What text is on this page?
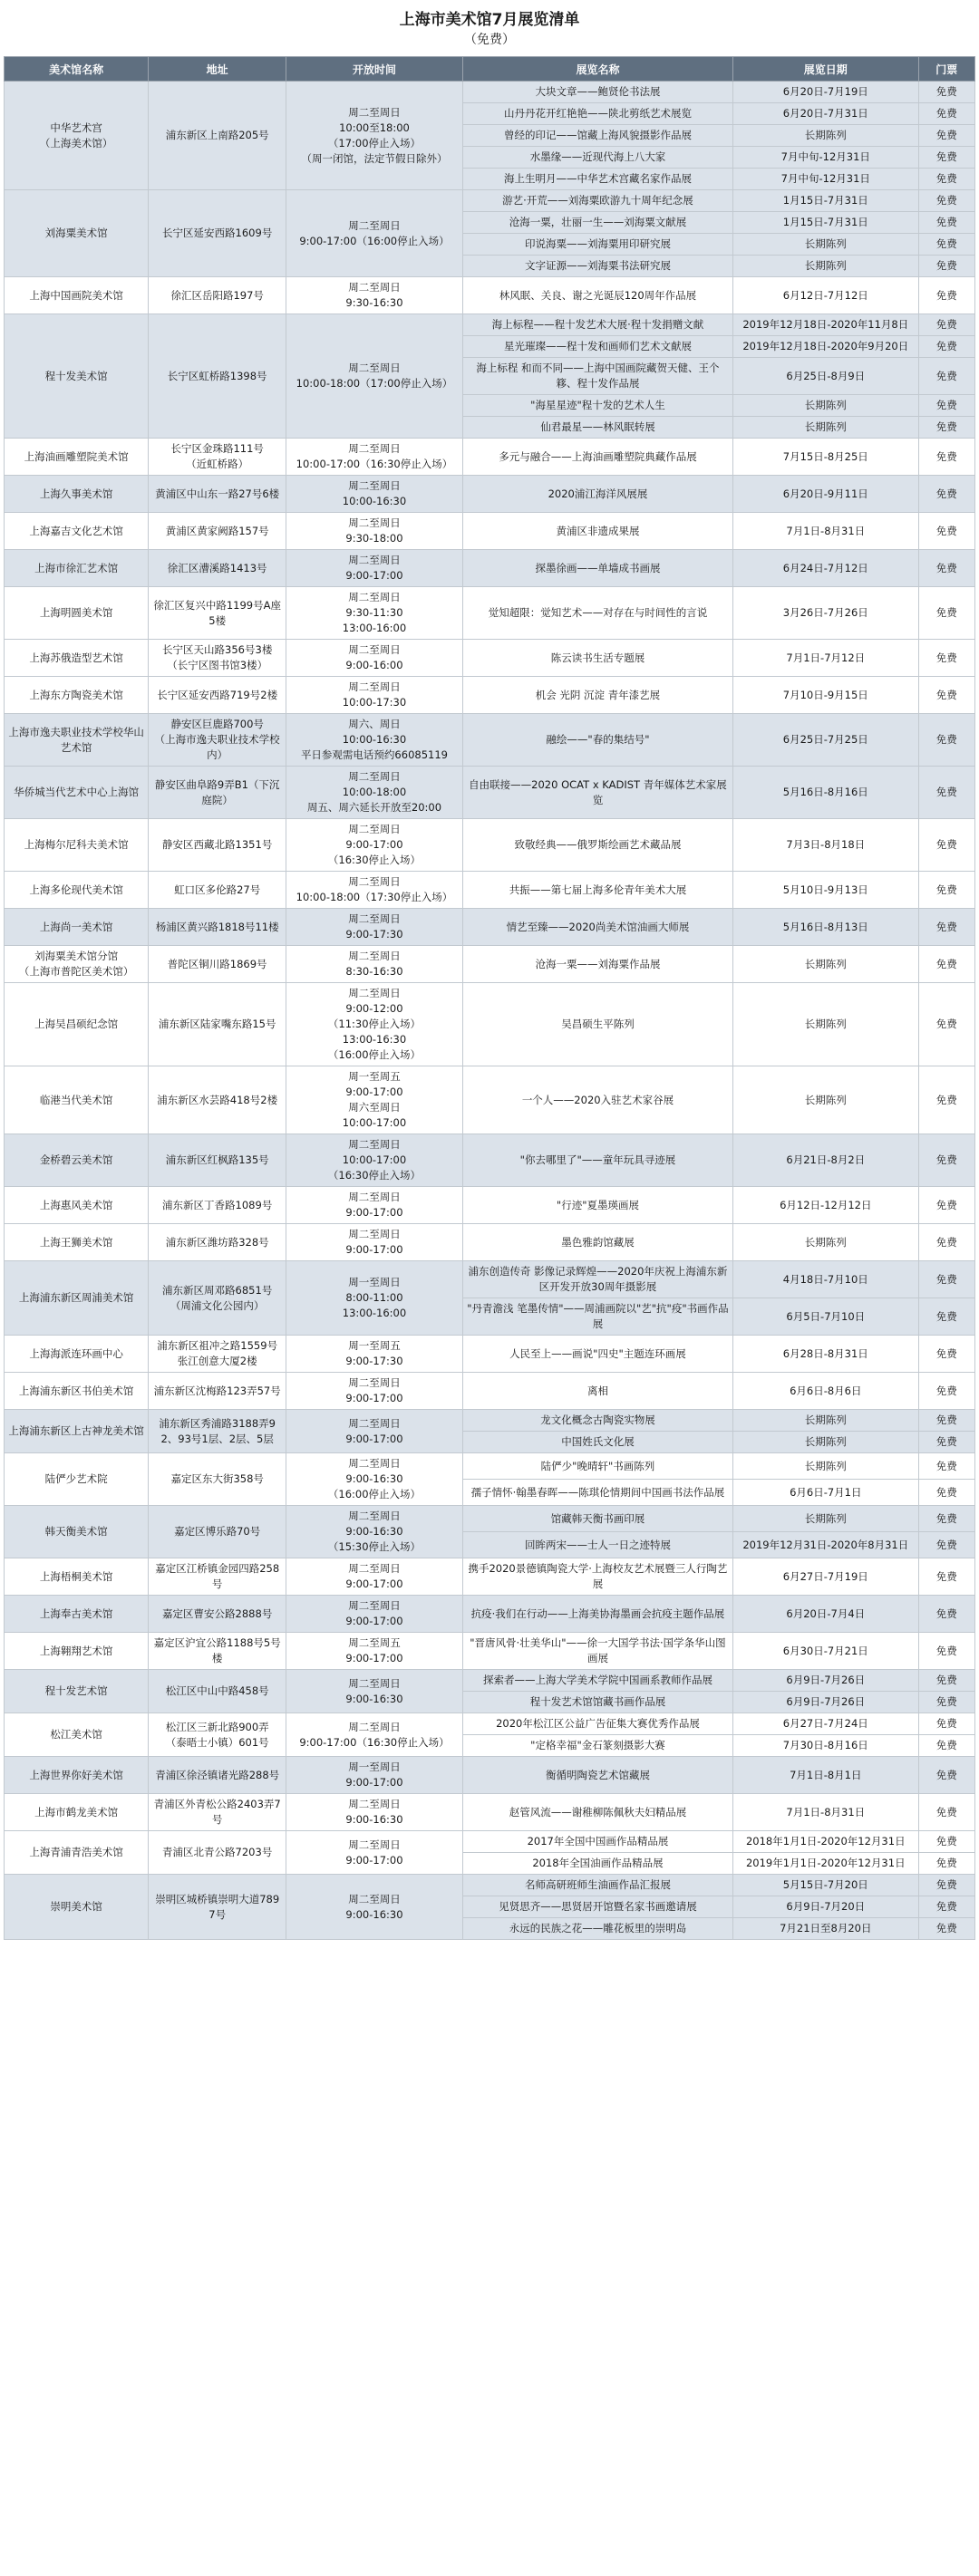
上海市美术馆7月展览清单

（免费）

美术馆名称	地址	开放时间	展览名称	展览日期	门票
中华艺术宫
（上海美术馆）	浦东新区上南路205号	周二至周日
10:00至18:00
（17:00停止入场）
（周一闭馆，法定节假日除外）	大块文章——鲍贤伦书法展	6月20日-7月19日	免费
			山丹丹花开红艳艳——陕北剪纸艺术展览	6月20日-7月31日	免费
			曾经的印记——馆藏上海风貌摄影作品展	长期陈列	免费
			水墨缘——近现代海上八大家	7月中旬-12月31日	免费
			海上生明月——中华艺术宫藏名家作品展	7月中旬-12月31日	免费
刘海粟美术馆	长宁区延安西路1609号	周二至周日
9:00-17:00（16:00停止入场）	游艺·开荒——刘海粟欧游九十周年纪念展	1月15日-7月31日	免费
			沧海一粟，壮丽一生——刘海粟文献展	1月15日-7月31日	免费
			印说海粟——刘海粟用印研究展	长期陈列	免费
			文字证源——刘海粟书法研究展	长期陈列	免费
上海中国画院美术馆	徐汇区岳阳路197号	周二至周日
9:30-16:30	林风眠、关良、谢之光诞辰120周年作品展	6月12日-7月12日	免费
程十发美术馆	长宁区虹桥路1398号	周二至周日
10:00-18:00（17:00停止入场）	海上标程——程十发艺术大展·程十发捐赠文献	2019年12月18日-2020年11月8日	免费
			星光璀璨——程十发和画师们艺术文献展	2019年12月18日-2020年9月20日	免费
			海上标程 和而不同——上海中国画院藏贺天健、王个簃、程十发作品展	6月25日-8月9日	免费
			"海星星迹"程十发的艺术人生	长期陈列	免费
			仙君最星——林风眠转展	长期陈列	免费
上海油画雕塑院美术馆	长宁区金珠路111号
（近虹桥路）	周二至周日
10:00-17:00（16:30停止入场）	多元与融合——上海油画雕塑院典藏作品展	7月15日-8月25日	免费
上海久事美术馆	黄浦区中山东一路27号6楼	周二至周日
10:00-16:30	2020浦江海洋风展展	6月20日-9月11日	免费
上海嘉吉文化艺术馆	黄浦区黄家阙路157号	周二至周日
9:30-18:00	黄浦区非遗成果展	7月1日-8月31日	免费
上海市徐汇艺术馆	徐汇区漕溪路1413号	周二至周日
9:00-17:00	探墨徐画——单墙成书画展	6月24日-7月12日	免费
上海明圆美术馆	徐汇区复兴中路1199号A座5楼	周二至周日
9:30-11:30
13:00-16:00	觉知超限：觉知艺术——对存在与时间性的言说	3月26日-7月26日	免费
上海苏俄造型艺术馆	长宁区天山路356号3楼
（长宁区图书馆3楼）	周二至周日
9:00-16:00	陈云读书生活专题展	7月1日-7月12日	免费
上海东方陶瓷美术馆	长宁区延安西路719号2楼	周二至周日
10:00-17:30	机会 光阴 沉淀 青年漆艺展	7月10日-9月15日	免费
上海市逸夫职业技术学校华山艺术馆	静安区巨鹿路700号
（上海市逸夫职业技术学校内）	周六、周日
10:00-16:30
平日参观需电话预约66085119	融绘——"春的集结号"	6月25日-7月25日	免费
华侨城当代艺术中心上海馆	静安区曲阜路9弄B1（下沉庭院）	周二至周日
10:00-18:00
周五、周六延长开放至20:00	自由联接——2020 OCAT x KADIST 青年媒体艺术家展览	5月16日-8月16日	免费
上海梅尔尼科夫美术馆	静安区西藏北路1351号	周二至周日
9:00-17:00
（16:30停止入场）	致敬经典——俄罗斯绘画艺术藏品展	7月3日-8月18日	免费
上海多伦现代美术馆	虹口区多伦路27号	周二至周日
10:00-18:00（17:30停止入场）	共振——第七届上海多伦青年美术大展	5月10日-9月13日	免费
上海尚一美术馆	杨浦区黄兴路1818号11楼	周二至周日
9:00-17:30	情艺至臻——2020尚美术馆油画大师展	5月16日-8月13日	免费
刘海粟美术馆分馆
（上海市普陀区美术馆）	普陀区铜川路1869号	周二至周日
8:30-16:30	沧海一粟——刘海粟作品展	长期陈列	免费
上海吴昌硕纪念馆	浦东新区陆家嘴东路15号	周二至周日
9:00-12:00
（11:30停止入场）
13:00-16:30
（16:00停止入场）	吴昌硕生平陈列	长期陈列	免费
临港当代美术馆	浦东新区水芸路418号2楼	周一至周五
9:00-17:00
周六至周日
10:00-17:00	一个人——2020入驻艺术家谷展	长期陈列	免费
金桥碧云美术馆	浦东新区红枫路135号	周二至周日
10:00-17:00
（16:30停止入场）	"你去哪里了"——童年玩具寻迹展	6月21日-8月2日	免费
上海惠风美术馆	浦东新区丁香路1089号	周二至周日
9:00-17:00	"行迹"夏墨瑛画展	6月12日-12月12日	免费
上海王狮美术馆	浦东新区潍坊路328号	周二至周日
9:00-17:00	墨色雅韵馆藏展	长期陈列	免费
上海浦东新区周浦美术馆	浦东新区周邓路6851号
（周浦文化公园内）	周一至周日
8:00-11:00
13:00-16:00	浦东创造传奇 影像记录辉煌——2020年庆祝上海浦东新区开发开放30周年摄影展	4月18日-7月10日	免费
			"丹青澹浅 笔墨传情"——周浦画院以"艺"抗"疫"书画作品展	6月5日-7月10日	免费
上海海派连环画中心	浦东新区祖冲之路1559号张江创意大厦2楼	周一至周五
9:00-17:30	人民至上——画说"四史"主题连环画展	6月28日-8月31日	免费
上海浦东新区书伯美术馆	浦东新区沈梅路123弄57号	周二至周日
9:00-17:00	离相	6月6日-8月6日	免费
上海浦东新区上古神龙美术馆	浦东新区秀浦路3188弄92、93号1层、2层、5层	周二至周日
9:00-17:00	龙文化概念古陶瓷实物展	长期陈列	免费
			中国姓氏文化展	长期陈列	免费
陆俨少艺术院	嘉定区东大街358号	周二至周日
9:00-16:30
（16:00停止入场）	陆俨少"晚晴轩"书画陈列	长期陈列	免费
			孺子情怀·翰墨春晖——陈琪伦情期间中国画书法作品展	6月6日-7月1日	免费
韩天衡美术馆	嘉定区博乐路70号	周二至周日
9:00-16:30
（15:30停止入场）	馆藏韩天衡书画印展	长期陈列	免费
			回眸两宋——士人一日之迹特展	2019年12月31日-2020年8月31日	免费
上海梧桐美术馆	嘉定区江桥镇金园四路258号	周二至周日
9:00-17:00	携手2020景德镇陶瓷大学·上海校友艺术展暨三人行陶艺展	6月27日-7月19日	免费
上海奉古美术馆	嘉定区曹安公路2888号	周二至周日
9:00-17:00	抗疫·我们在行动——上海美协海墨画会抗疫主题作品展	6月20日-7月4日	免费
上海翱翔艺术馆	嘉定区沪宜公路1188号5号楼	周二至周五
9:00-17:00	"晋唐风骨·壮美华山"——徐一大国学书法·国学条华山图画展	6月30日-7月21日	免费
程十发艺术馆	松江区中山中路458号	周二至周日
9:00-16:30	探索者——上海大学美术学院中国画系教师作品展	6月9日-7月26日	免费
			程十发艺术馆馆藏书画作品展	6月9日-7月26日	免费
松江美术馆	松江区三新北路900弄
（泰晤士小镇）601号	周二至周日
9:00-17:00（16:30停止入场）	2020年松江区公益广告征集大赛优秀作品展	6月27日-7月24日	免费
			"定格幸福"金石篆刻摄影大赛	7月30日-8月16日	免费
上海世界你好美术馆	青浦区徐泾镇诸光路288号	周一至周日
9:00-17:00	衡循明陶瓷艺术馆藏展	7月1日-8月1日	免费
上海市鹤龙美术馆	青浦区外青松公路2403弄7号	周二至周日
9:00-16:30	赵管风流——谢稚柳陈佩秋夫妇精品展	7月1日-8月31日	免费
上海青浦青浩美术馆	青浦区北青公路7203号	周二至周日
9:00-17:00	2017年全国中国画作品精品展	2018年1月1日-2020年12月31日	免费
			2018年全国油画作品精品展	2019年1月1日-2020年12月31日	免费
崇明美术馆	崇明区城桥镇崇明大道7897号	周二至周日
9:00-16:30	名师高研班师生油画作品汇报展	5月15日-7月20日	免费
			见贤思齐——思贤居开馆暨名家书画邀请展	6月9日-7月20日	免费
			永远的民族之花——雕花板里的崇明岛	7月21日至8月20日	免费
